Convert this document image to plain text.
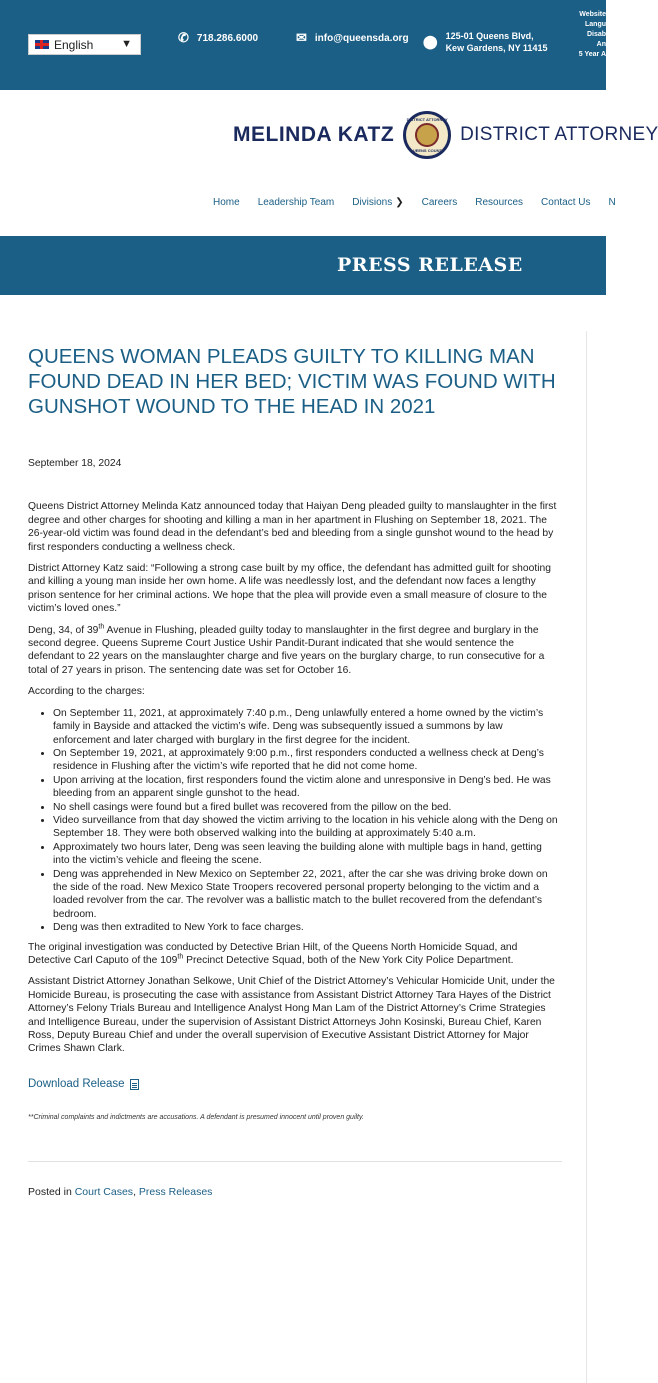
English	▼	✆ 718.286.6000	✉ info@queensda.org ⬤ 125-01 Queens Blvd,
Kew Gardens, NY 11415
Website
Langu
Disab
An
5 Year A
MELINDA KATZ
DISTRICT ATTORNEY
QUEENS COUNTY
DISTRICT ATTORNEY
Home Leadership Team Divisions ❯ Careers Resources Contact Us N
PRESS RELEASE
QUEENS WOMAN PLEADS GUILTY TO KILLING MAN FOUND DEAD IN HER BED; VICTIM WAS FOUND WITH GUNSHOT WOUND TO THE HEAD IN 2021
September 18, 2024

Queens District Attorney Melinda Katz announced today that Haiyan Deng pleaded guilty to manslaughter in the first degree and other charges for shooting and killing a man in her apartment in Flushing on September 18, 2021. The 26-year-old victim was found dead in the defendant’s bed and bleeding from a single gunshot wound to the head by first responders conducting a wellness check.

District Attorney Katz said: “Following a strong case built by my office, the defendant has admitted guilt for shooting and killing a young man inside her own home. A life was needlessly lost, and the defendant now faces a lengthy prison sentence for her criminal actions. We hope that the plea will provide even a small measure of closure to the victim’s loved ones.”

Deng, 34, of 39th Avenue in Flushing, pleaded guilty today to manslaughter in the first degree and burglary in the second degree. Queens Supreme Court Justice Ushir Pandit-Durant indicated that she would sentence the defendant to 22 years on the manslaughter charge and five years on the burglary charge, to run consecutive for a total of 27 years in prison. The sentencing date was set for October 16.

According to the charges:

• On September 11, 2021, at approximately 7:40 p.m., Deng unlawfully entered a home owned by the victim’s family in Bayside and attacked the victim’s wife. Deng was subsequently issued a summons by law enforcement and later charged with burglary in the first degree for the incident.
• On September 19, 2021, at approximately 9:00 p.m., first responders conducted a wellness check at Deng’s residence in Flushing after the victim’s wife reported that he did not come home.
• Upon arriving at the location, first responders found the victim alone and unresponsive in Deng’s bed. He was bleeding from an apparent single gunshot to the head.
• No shell casings were found but a fired bullet was recovered from the pillow on the bed.
• Video surveillance from that day showed the victim arriving to the location in his vehicle along with the Deng on September 18. They were both observed walking into the building at approximately 5:40 a.m.
• Approximately two hours later, Deng was seen leaving the building alone with multiple bags in hand, getting into the victim’s vehicle and fleeing the scene.
• Deng was apprehended in New Mexico on September 22, 2021, after the car she was driving broke down on the side of the road. New Mexico State Troopers recovered personal property belonging to the victim and a loaded revolver from the car. The revolver was a ballistic match to the bullet recovered from the defendant’s bedroom.
• Deng was then extradited to New York to face charges.

The original investigation was conducted by Detective Brian Hilt, of the Queens North Homicide Squad, and Detective Carl Caputo of the 109th Precinct Detective Squad, both of the New York City Police Department.

Assistant District Attorney Jonathan Selkowe, Unit Chief of the District Attorney’s Vehicular Homicide Unit, under the Homicide Bureau, is prosecuting the case with assistance from Assistant District Attorney Tara Hayes of the District Attorney’s Felony Trials Bureau and Intelligence Analyst Hong Man Lam of the District Attorney’s Crime Strategies and Intelligence Bureau, under the supervision of Assistant District Attorneys John Kosinski, Bureau Chief, Karen Ross, Deputy Bureau Chief and under the overall supervision of Executive Assistant District Attorney for Major Crimes Shawn Clark.

Download Release
**Criminal complaints and indictments are accusations. A defendant is presumed innocent until proven guilty.
Posted in Court Cases, Press Releases
